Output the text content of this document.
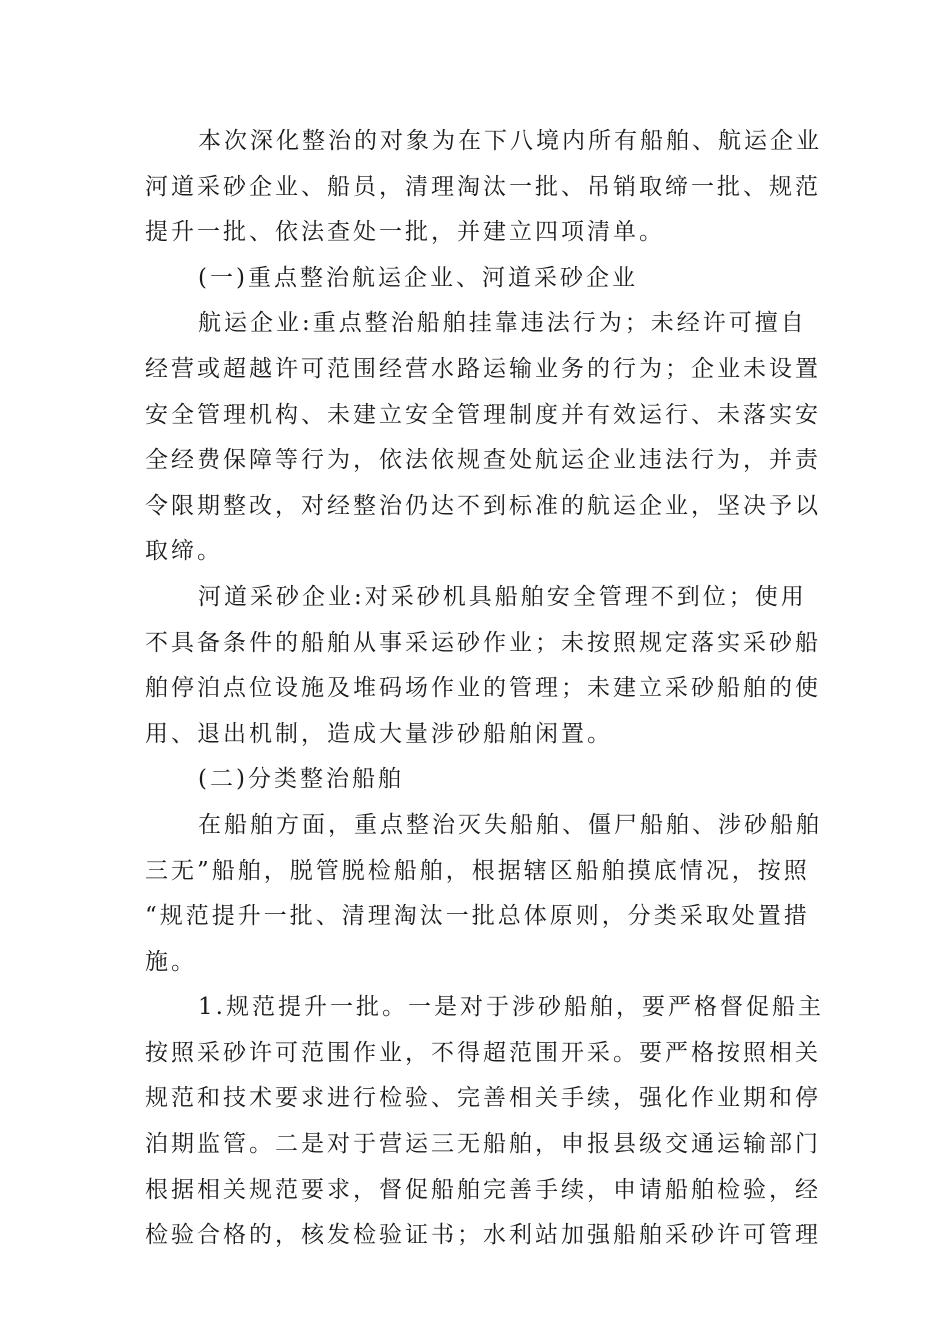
本次深化整治的对象为在下八境内所有船舶、航运企业

河道采砂企业、船员，清理淘汰一批、吊销取缔一批、规范

提升一批、依法查处一批，并建立四项清单。

(一)重点整治航运企业、河道采砂企业

航运企业:重点整治船舶挂靠违法行为；未经许可擅自

经营或超越许可范围经营水路运输业务的行为；企业未设置

安全管理机构、未建立安全管理制度并有效运行、未落实安

全经费保障等行为，依法依规查处航运企业违法行为，并责

令限期整改，对经整治仍达不到标准的航运企业，坚决予以

取缔。

河道采砂企业:对采砂机具船舶安全管理不到位；使用

不具备条件的船舶从事采运砂作业；未按照规定落实采砂船

舶停泊点位设施及堆码场作业的管理；未建立采砂船舶的使

用、退出机制，造成大量涉砂船舶闲置。

(二)分类整治船舶

在船舶方面，重点整治灭失船舶、僵尸船舶、涉砂船舶

三无”船舶，脱管脱检船舶，根据辖区船舶摸底情况，按照

“规范提升一批、清理淘汰一批总体原则，分类采取处置措

施。

1.规范提升一批。一是对于涉砂船舶，要严格督促船主

按照采砂许可范围作业，不得超范围开采。要严格按照相关

规范和技术要求进行检验、完善相关手续，强化作业期和停

泊期监管。二是对于营运三无船舶，申报县级交通运输部门

根据相关规范要求，督促船舶完善手续，申请船舶检验，经

检验合格的，核发检验证书；水利站加强船舶采砂许可管理
